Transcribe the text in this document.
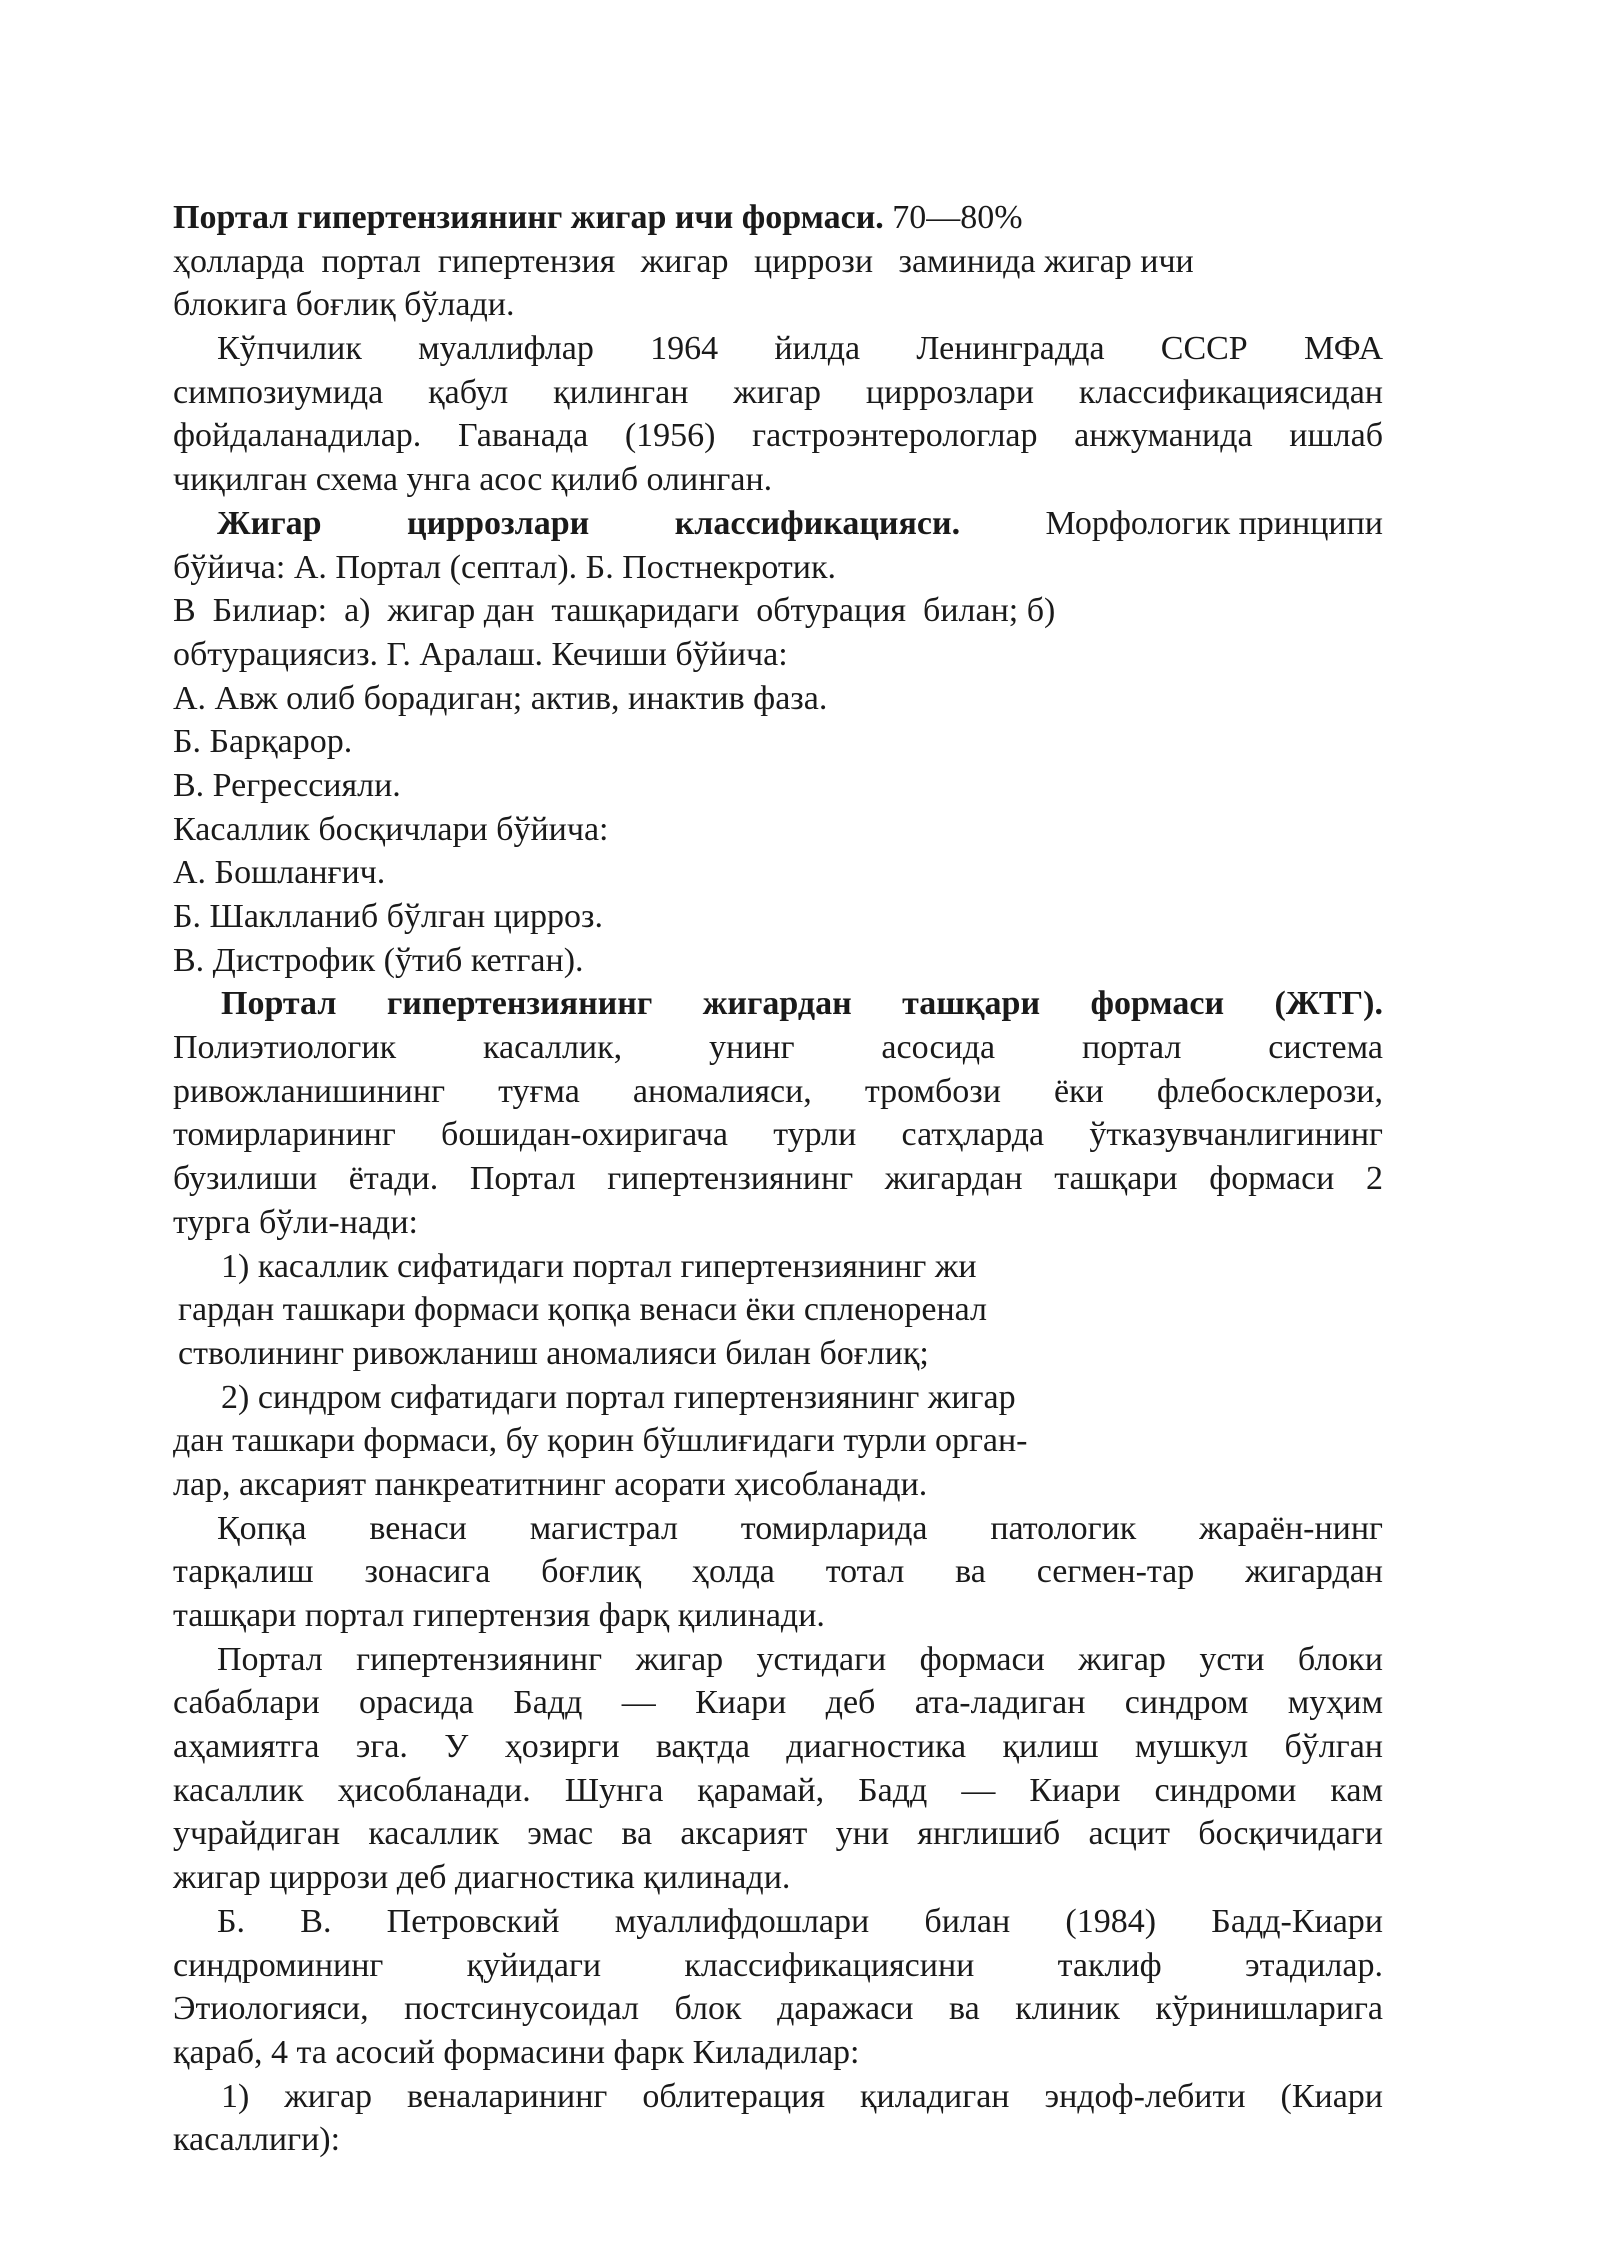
Портал гипертензиянинг жигар ичи формаси. 70—80%
ҳолларда  портал  гипертензия   жигар   циррози   заминида жигар ичи
блокига боғлиқ бўлади.
Кўпчилик муаллифлар 1964 йилда Ленинградда СССР МФА
симпозиумида қабул қилинган жигар циррозлари классификациясидан
фойдаланадилар. Гаванада (1956) гастроэнтерологлар анжуманида ишлаб
чиқилган схема унга асос қилиб олинган.
Жигар	циррозлари	классификацияси.	Морфологик принципи
бўйича: А. Портал (септал). Б. Постнекротик.
В  Билиар:  а)  жигар дан  ташқаридаги  обтурация  билан; б)
обтурациясиз. Г. Аралаш. Кечиши бўйича:
А. Авж олиб борадиган; актив, инактив фаза.
Б. Барқарор.
В. Регрессияли.
Касаллик босқичлари бўйича:
А. Бошланғич.
Б. Шаклланиб бўлган цирроз.
В. Дистрофик (ўтиб кетган).
Портал гипертензиянинг жигардан ташқари формаси (ЖТГ).
Полиэтиологик касаллик, унинг асосида портал система
ривожланишининг туғма аномалияси, тромбози ёки флебосклерози,
томирларининг бошидан-охиригача турли сатҳларда ўтказувчанлигининг
бузилиши ётади. Портал гипертензиянинг жигардан ташқари формаси 2
турга бўли-нади:
1) касаллик сифатидаги портал гипертензиянинг жи
гардан ташкари формаси қопқа венаси ёки спленоренал
стволининг ривожланиш аномалияси билан боғлиқ;
2) синдром сифатидаги портал гипертензиянинг жигар
дан ташкари формаси, бу қорин бўшлиғидаги турли орган-
лар, аксарият панкреатитнинг асорати ҳисобланади.
Қопқа венаси магистрал томирларида патологик жараён-нинг
тарқалиш зонасига боғлиқ ҳолда тотал ва сегмен-тар жигардан
ташқари портал гипертензия фарқ қилинади.
Портал гипертензиянинг жигар устидаги формаси жигар усти блоки
сабаблари орасида Бадд — Киари деб ата-ладиган синдром муҳим
аҳамиятга эга. У ҳозирги вақтда диагностика қилиш мушкул бўлган
касаллик ҳисобланади. Шунга қарамай, Бадд — Киари синдроми кам
учрайдиган касаллик эмас ва аксарият уни янглишиб асцит босқичидаги
жигар циррози деб диагностика қилинади.
Б. В. Петровский муаллифдошлари билан (1984) Бадд-Киари
синдромининг қуйидаги классификациясини таклиф этадилар.
Этиологияси, постсинусоидал блок даражаси ва клиник кўринишларига
қараб, 4 та асосий формасини фарк Киладилар:
1) жигар веналарининг облитерация қиладиган эндоф-лебити (Киари
касаллиги):
